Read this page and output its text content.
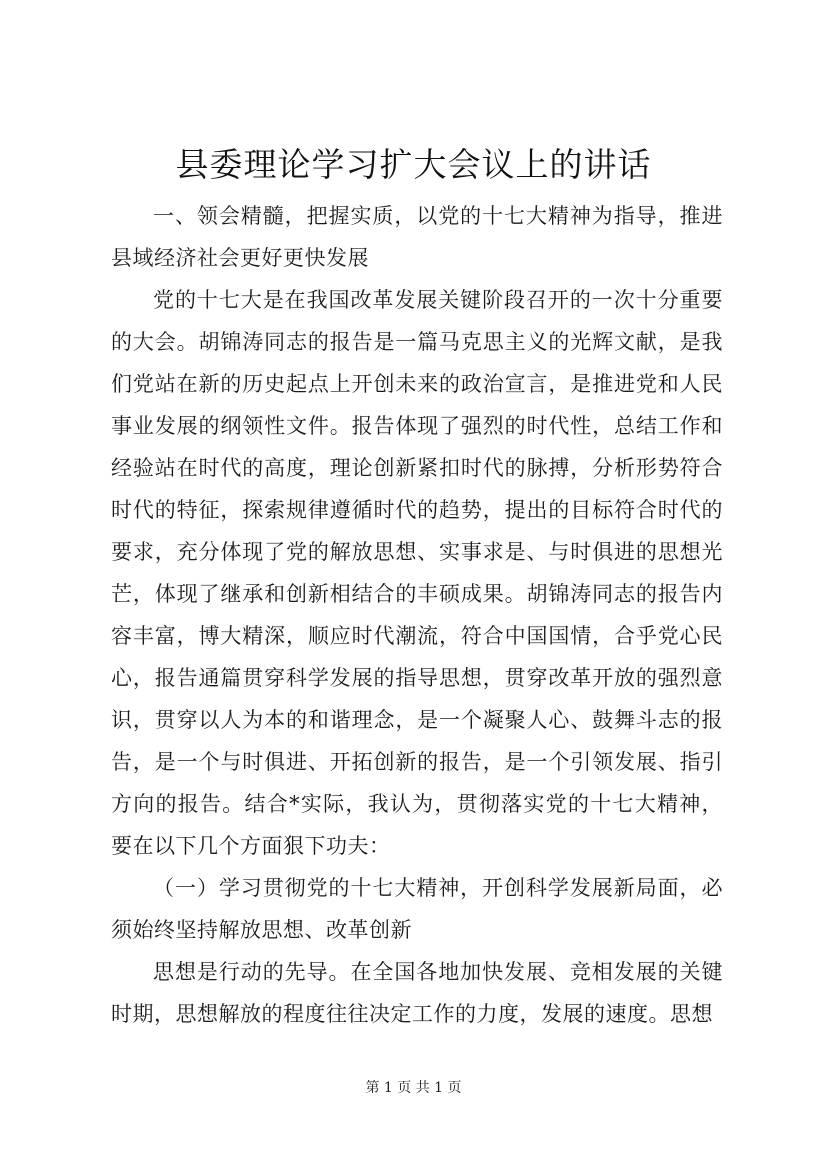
县委理论学习扩大会议上的讲话

一、领会精髓，把握实质，以党的十七大精神为指导，推进县域经济社会更好更快发展

党的十七大是在我国改革发展关键阶段召开的一次十分重要的大会。胡锦涛同志的报告是一篇马克思主义的光辉文献，是我们党站在新的历史起点上开创未来的政治宣言，是推进党和人民事业发展的纲领性文件。报告体现了强烈的时代性，总结工作和经验站在时代的高度，理论创新紧扣时代的脉搏，分析形势符合时代的特征，探索规律遵循时代的趋势，提出的目标符合时代的要求，充分体现了党的解放思想、实事求是、与时俱进的思想光芒，体现了继承和创新相结合的丰硕成果。胡锦涛同志的报告内容丰富，博大精深，顺应时代潮流，符合中国国情，合乎党心民心，报告通篇贯穿科学发展的指导思想，贯穿改革开放的强烈意识，贯穿以人为本的和谐理念，是一个凝聚人心、鼓舞斗志的报告，是一个与时俱进、开拓创新的报告，是一个引领发展、指引方向的报告。结合*实际，我认为，贯彻落实党的十七大精神，要在以下几个方面狠下功夫：

（一）学习贯彻党的十七大精神，开创科学发展新局面，必须始终坚持解放思想、改革创新

思想是行动的先导。在全国各地加快发展、竞相发展的关键时期，思想解放的程度往往决定工作的力度，发展的速度。思想

第 1 页 共 1 页
